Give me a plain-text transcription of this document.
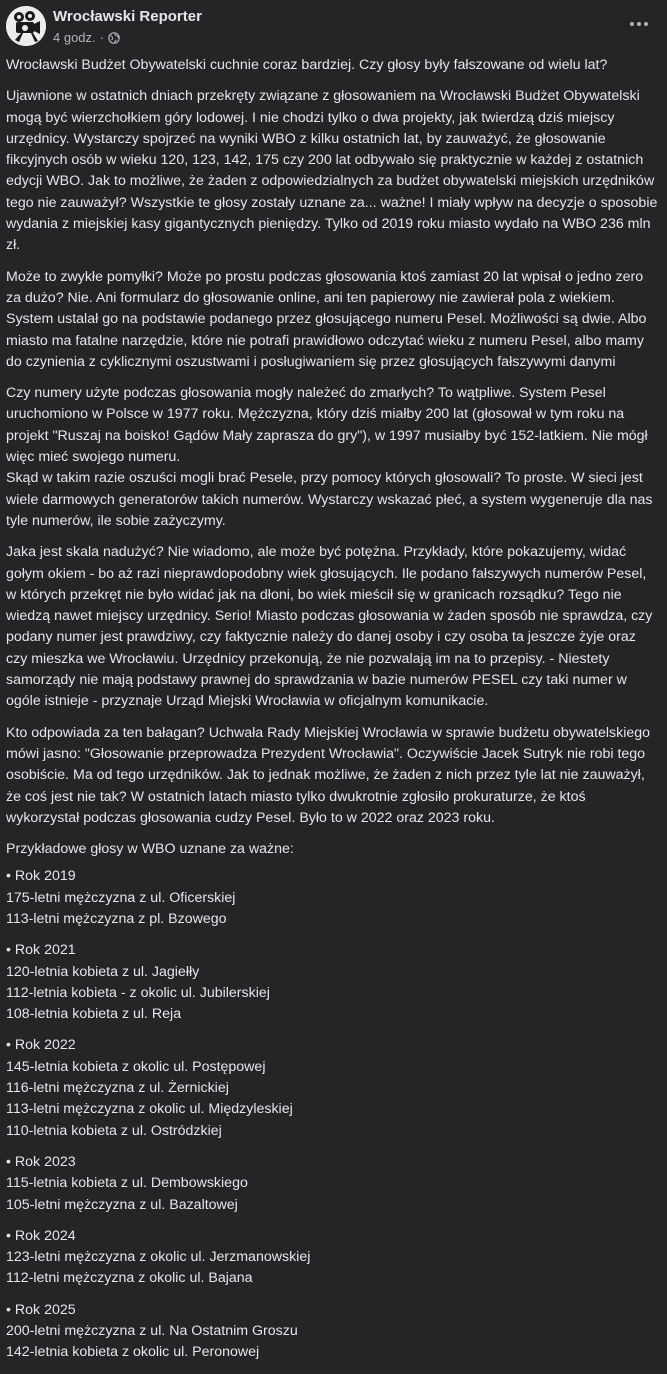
Wrocławski Reporter
4 godz. ·

Wrocławski Budżet Obywatelski cuchnie coraz bardziej. Czy głosy były fałszowane od wielu lat?

Ujawnione w ostatnich dniach przekręty związane z głosowaniem na Wrocławski Budżet Obywatelski mogą być wierzchołkiem góry lodowej. I nie chodzi tylko o dwa projekty, jak twierdzą dziś miejscy urzędnicy. Wystarczy spojrzeć na wyniki WBO z kilku ostatnich lat, by zauważyć, że głosowanie fikcyjnych osób w wieku 120, 123, 142, 175 czy 200 lat odbywało się praktycznie w każdej z ostatnich edycji WBO. Jak to możliwe, że żaden z odpowiedzialnych za budżet obywatelski miejskich urzędników tego nie zauważył? Wszystkie te głosy zostały uznane za... ważne! I miały wpływ na decyzje o sposobie wydania z miejskiej kasy gigantycznych pieniędzy. Tylko od 2019 roku miasto wydało na WBO 236 mln zł.

Może to zwykłe pomyłki? Może po prostu podczas głosowania ktoś zamiast 20 lat wpisał o jedno zero za dużo? Nie. Ani formularz do głosowanie online, ani ten papierowy nie zawierał pola z wiekiem. System ustalał go na podstawie podanego przez głosującego numeru Pesel. Możliwości są dwie. Albo miasto ma fatalne narzędzie, które nie potrafi prawidłowo odczytać wieku z numeru Pesel, albo mamy do czynienia z cyklicznymi oszustwami i posługiwaniem się przez głosujących fałszywymi danymi

Czy numery użyte podczas głosowania mogły należeć do zmarłych? To wątpliwe. System Pesel uruchomiono w Polsce w 1977 roku. Mężczyzna, który dziś miałby 200 lat (głosował w tym roku na projekt "Ruszaj na boisko! Gądów Mały zaprasza do gry"), w 1997 musiałby być 152-latkiem. Nie mógł więc mieć swojego numeru.
Skąd w takim razie oszuści mogli brać Pesele, przy pomocy których głosowali? To proste. W sieci jest wiele darmowych generatorów takich numerów. Wystarczy wskazać płeć, a system wygeneruje dla nas tyle numerów, ile sobie zażyczymy.

Jaka jest skala nadużyć? Nie wiadomo, ale może być potężna. Przykłady, które pokazujemy, widać gołym okiem - bo aż razi nieprawdopodobny wiek głosujących. Ile podano fałszywych numerów Pesel, w których przekręt nie było widać jak na dłoni, bo wiek mieścił się w granicach rozsądku? Tego nie wiedzą nawet miejscy urzędnicy. Serio! Miasto podczas głosowania w żaden sposób nie sprawdza, czy podany numer jest prawdziwy, czy faktycznie należy do danej osoby i czy osoba ta jeszcze żyje oraz czy mieszka we Wrocławiu. Urzędnicy przekonują, że nie pozwalają im na to przepisy. - Niestety samorządy nie mają podstawy prawnej do sprawdzania w bazie numerów PESEL czy taki numer w ogóle istnieje - przyznaje Urząd Miejski Wrocławia w oficjalnym komunikacie.

Kto odpowiada za ten bałagan? Uchwała Rady Miejskiej Wrocławia w sprawie budżetu obywatelskiego mówi jasno: "Głosowanie przeprowadza Prezydent Wrocławia". Oczywiście Jacek Sutryk nie robi tego osobiście. Ma od tego urzędników. Jak to jednak możliwe, że żaden z nich przez tyle lat nie zauważył, że coś jest nie tak? W ostatnich latach miasto tylko dwukrotnie zgłosiło prokuraturze, że ktoś wykorzystał podczas głosowania cudzy Pesel. Było to w 2022 oraz 2023 roku.

Przykładowe głosy w WBO uznane za ważne:

• Rok 2019
175-letni mężczyzna z ul. Oficerskiej
113-letni mężczyzna z pl. Bzowego
• Rok 2021
120-letnia kobieta z ul. Jagiełły
112-letnia kobieta - z okolic ul. Jubilerskiej
108-letnia kobieta z ul. Reja
• Rok 2022
145-letnia kobieta z okolic ul. Postępowej
116-letni mężczyzna z ul. Żernickiej
113-letni mężczyzna z okolic ul. Międzyleskiej
110-letnia kobieta z ul. Ostródzkiej
• Rok 2023
115-letnia kobieta z ul. Dembowskiego
105-letni mężczyzna z ul. Bazaltowej
• Rok 2024
123-letni mężczyzna z okolic ul. Jerzmanowskiej
112-letni mężczyzna z okolic ul. Bajana
• Rok 2025
200-letni mężczyzna z ul. Na Ostatnim Groszu
142-letnia kobieta z okolic ul. Peronowej
